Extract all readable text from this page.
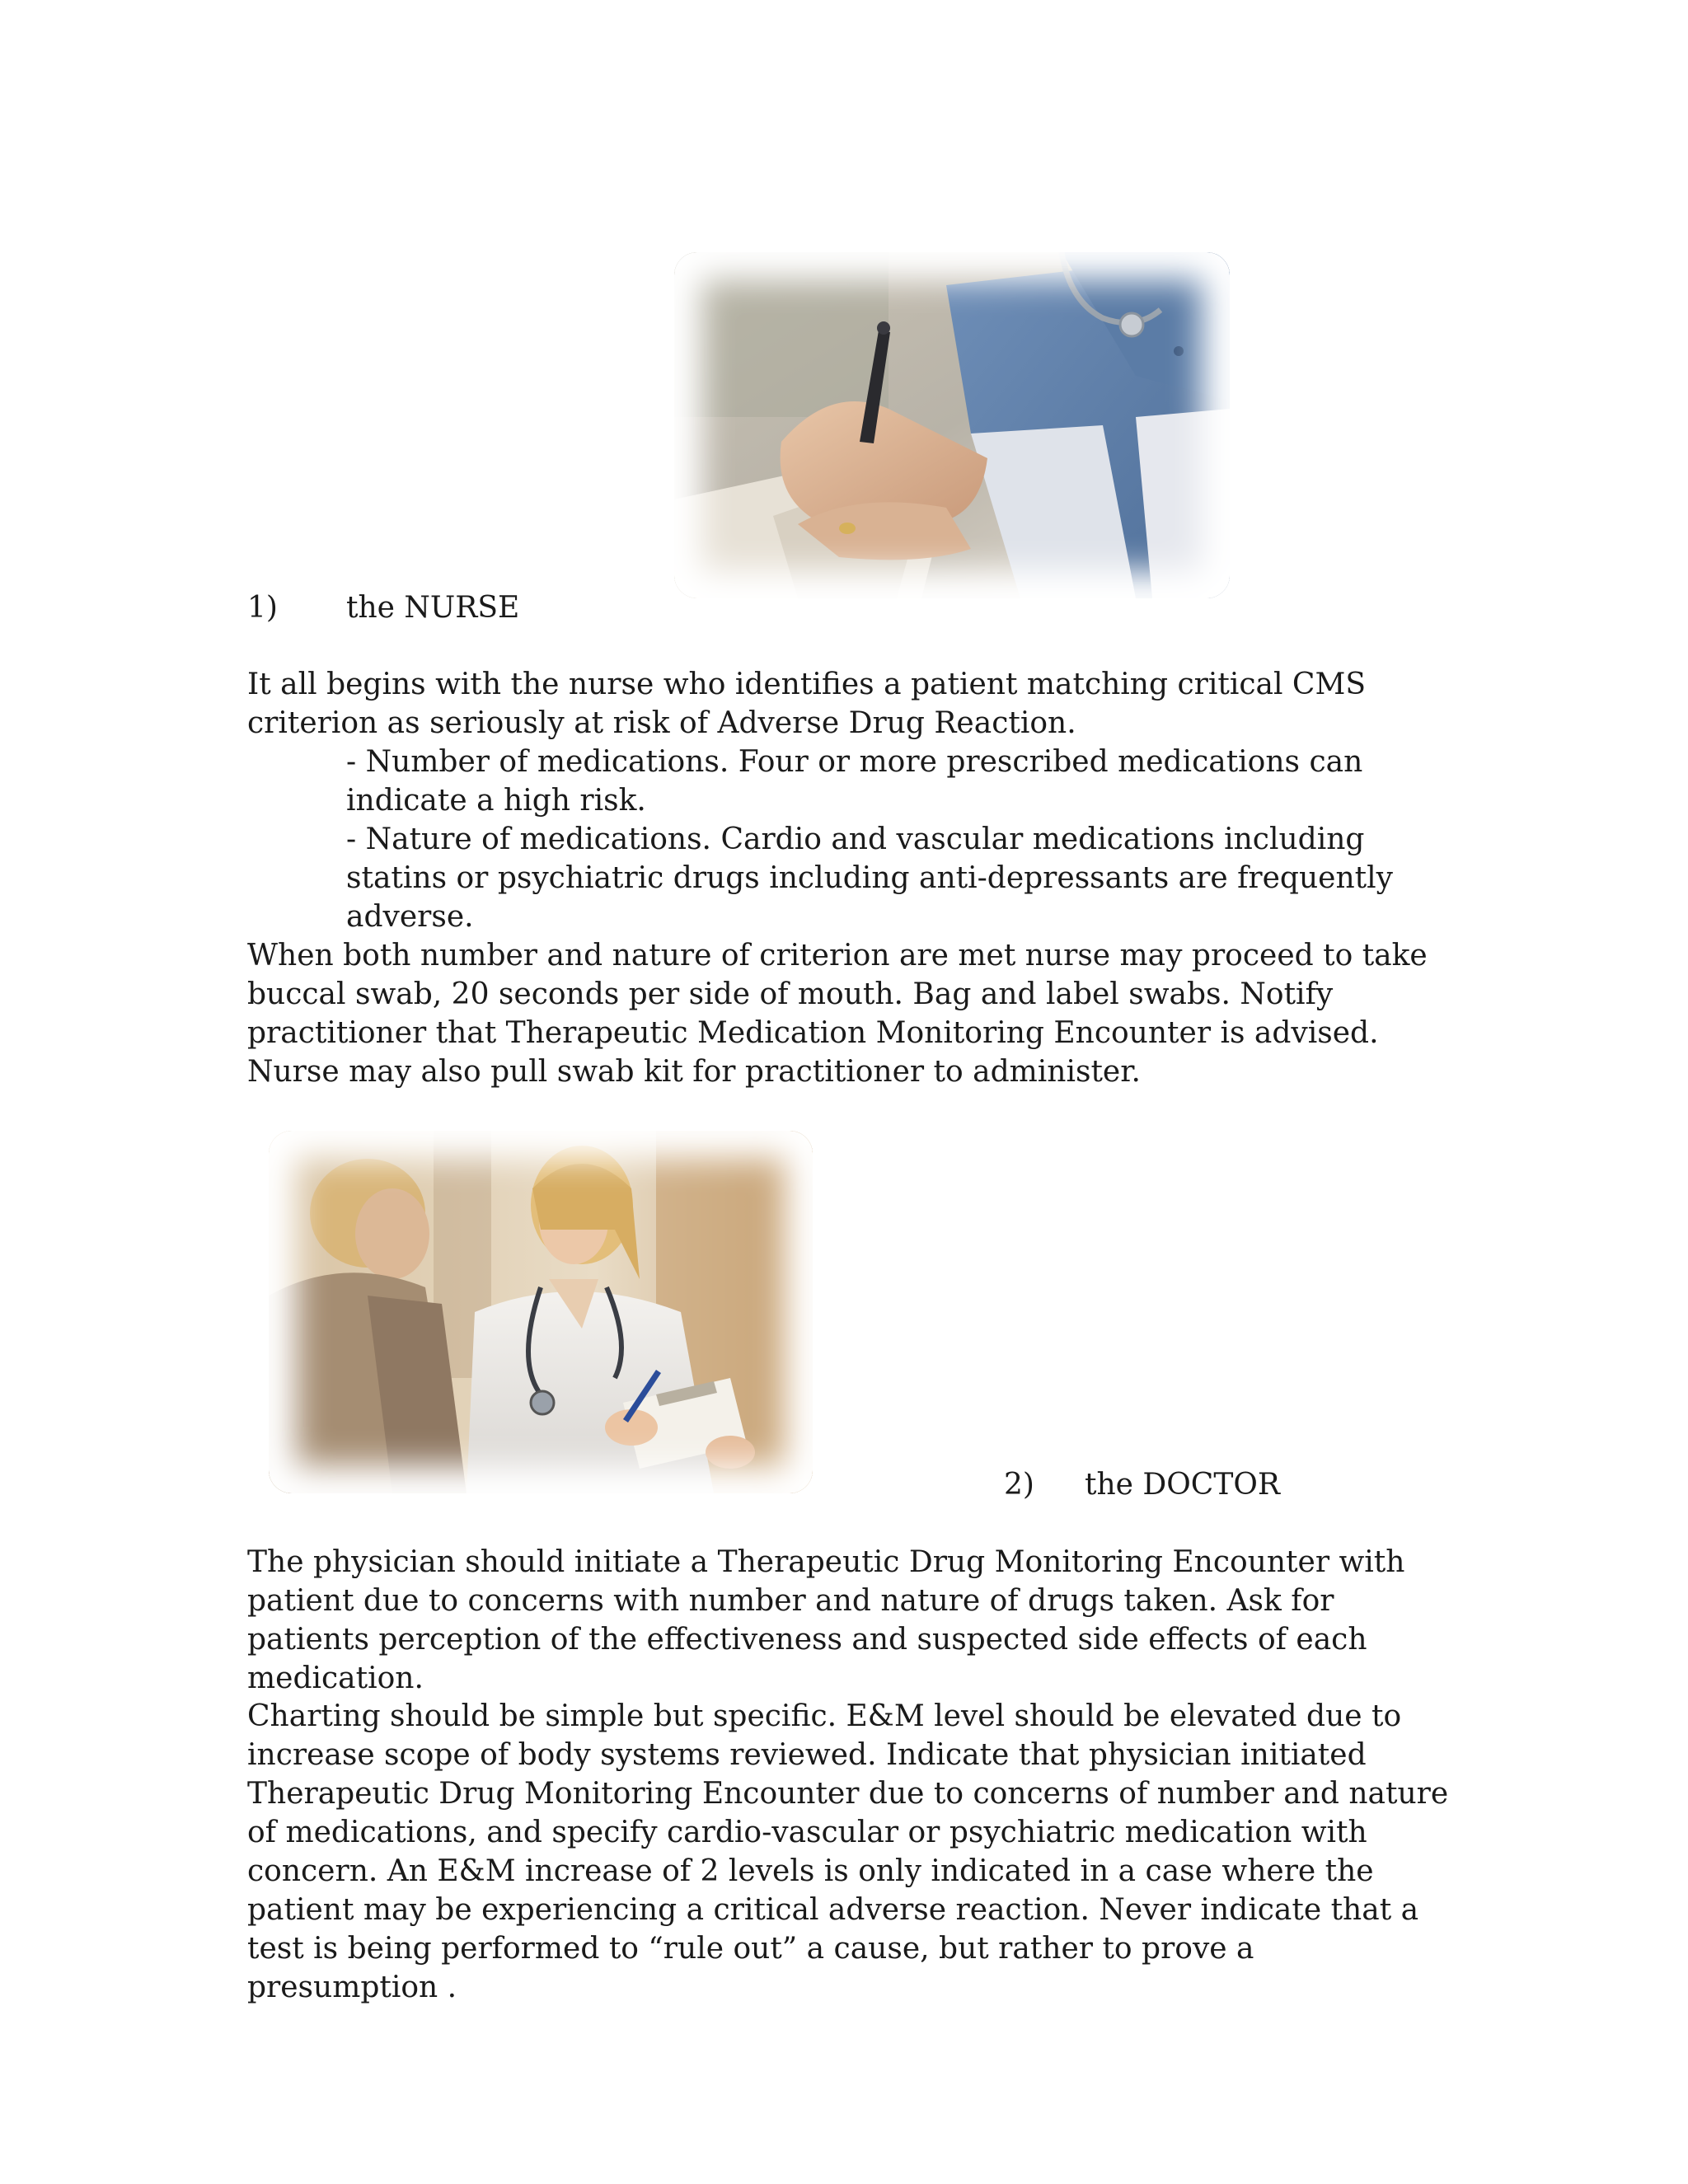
1) the NURSE

It all begins with the nurse who identifies a patient matching critical CMS criterion as seriously at risk of Adverse Drug Reaction.

- Number of medications. Four or more prescribed medications can indicate a high risk.
- Nature of medications. Cardio and vascular medications including statins or psychiatric drugs including anti-depressants are frequently adverse.

When both number and nature of criterion are met nurse may proceed to take buccal swab, 20 seconds per side of mouth. Bag and label swabs. Notify practitioner that Therapeutic Medication Monitoring Encounter is advised. Nurse may also pull swab kit for practitioner to administer.

2) the DOCTOR

The physician should initiate a Therapeutic Drug Monitoring Encounter with patient due to concerns with number and nature of drugs taken. Ask for patients perception of the effectiveness and suspected side effects of each medication.

Charting should be simple but specific. E&M level should be elevated due to increase scope of body systems reviewed. Indicate that physician initiated Therapeutic Drug Monitoring Encounter due to concerns of number and nature of medications, and specify cardio-vascular or psychiatric medication with concern. An E&M increase of 2 levels is only indicated in a case where the patient may be experiencing a critical adverse reaction. Never indicate that a test is being performed to “rule out” a cause, but rather to prove a presumption .
